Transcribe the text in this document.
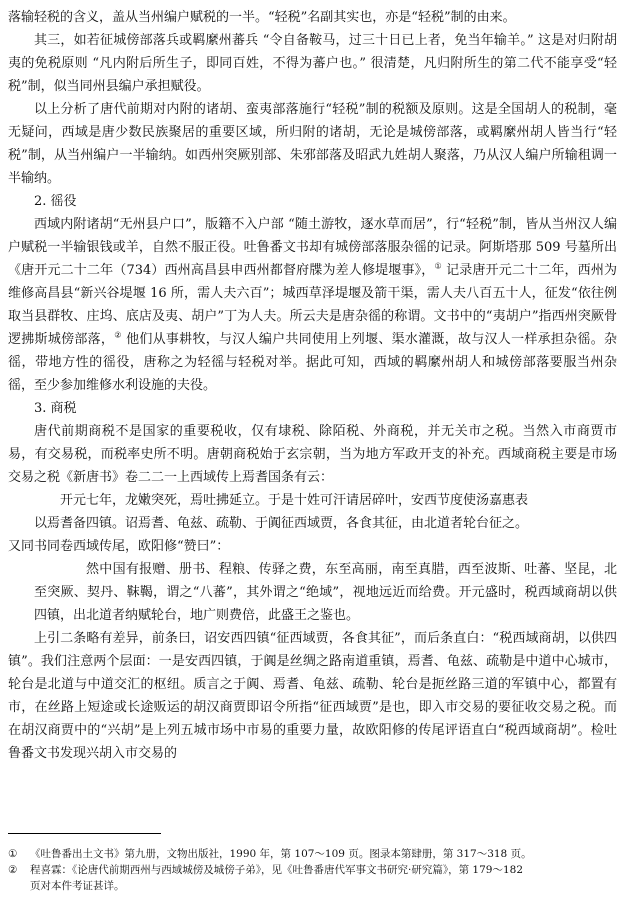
落输轻税的含义，盖从当州编户赋税的一半。“轻税”名副其实也，亦是“轻税”制的由来。

其三，如若征城傍部落兵或羁縻州蕃兵 “令自备鞍马，过三十日已上者，免当年输羊。” 这是对归附胡夷的免税原则 “凡内附后所生子，即同百姓，不得为蕃户也。” 很清楚，凡归附所生的第二代不能享受“轻税”制，似当同州县编户承担赋役。

以上分析了唐代前期对内附的诸胡、蛮夷部落施行“轻税”制的税额及原则。这是全国胡人的税制，毫无疑问，西域是唐少数民族聚居的重要区域，所归附的诸胡，无论是城傍部落，或羁縻州胡人皆当行“轻税”制，从当州编户一半输纳。如西州突厥别部、朱邪部落及昭武九姓胡人聚落，乃从汉人编户所输租调一半输纳。

2. 徭役

西域内附诸胡“无州县户口”，版籍不入户部 “随土游牧，逐水草而居”，行“轻税”制，皆从当州汉人编户赋税一半输银钱或羊，自然不服正役。吐鲁番文书却有城傍部落服杂徭的记录。阿斯塔那 509 号墓所出《唐开元二十二年（734）西州高昌县申西州都督府牒为差人修堤堰事》，① 记录唐开元二十二年，西州为维修高昌县“新兴谷堤堰 16 所，需人夫六百”；城西草泽堤堰及箭干渠，需人夫八百五十人，征发“依往例取当县群牧、庄坞、底店及夷、胡户”丁为人夫。所云夫是唐杂徭的称谓。文书中的“夷胡户”指西州突厥骨逻拂斯城傍部落，② 他们从事耕牧，与汉人编户共同使用上列堰、渠水灌溉，故与汉人一样承担杂徭。杂徭，带地方性的徭役，唐称之为轻徭与轻税对举。据此可知，西域的羁縻州胡人和城傍部落要服当州杂徭，至少参加维修水利设施的夫役。

3. 商税

唐代前期商税不是国家的重要税收，仅有埭税、除陌税、外商税，并无关市之税。当然入市商贾市易，有交易税，而税率史所不明。唐朝商税始于玄宗朝，当为地方军政开支的补充。西域商税主要是市场交易之税《新唐书》卷二二一上西域传上焉耆国条有云：

开元七年，龙嫩突死，焉吐拂延立。于是十姓可汗请居碎叶，安西节度使汤嘉惠表

以焉耆备四镇。诏焉耆、龟兹、疏勒、于阗征西域贾，各食其征，由北道者轮台征之。

又同书同卷西域传尾，欧阳修“赞曰”：

然中国有报赠、册书、程粮、传驿之费，东至高丽，南至真腊，西至波斯、吐蕃、坚昆，北至突厥、契丹、靺鞨，谓之“八蕃”，其外谓之“绝域”，视地远近而给费。开元盛时，税西域商胡以供四镇，出北道者纳赋轮台，地广则费倍，此盛王之鉴也。

上引二条略有差异，前条曰，诏安西四镇“征西域贾，各食其征”，而后条直白：“税西域商胡，以供四镇”。我们注意两个层面：一是安西四镇，于阗是丝绸之路南道重镇，焉耆、龟兹、疏勒是中道中心城市，轮台是北道与中道交汇的枢纽。质言之于阗、焉耆、龟兹、疏勒、轮台是扼丝路三道的军镇中心，都置有市，在丝路上短途或长途贩运的胡汉商贾即诏令所指“征西域贾”是也，即入市交易的要征收交易之税。而在胡汉商贾中的“兴胡”是上列五城市场中市易的重要力量，故欧阳修的传尾评语直白“税西域商胡”。检吐鲁番文书发现兴胡入市交易的

①	《吐鲁番出土文书》第九册，文物出版社，1990 年，第 107～109 页。图录本第肆册，第 317～318 页。
②	程喜霖：《论唐代前期西州与西域城傍及城傍子弟》，见《吐鲁番唐代军事文书研究·研究篇》，第 179～182
页对本件考证甚详。
